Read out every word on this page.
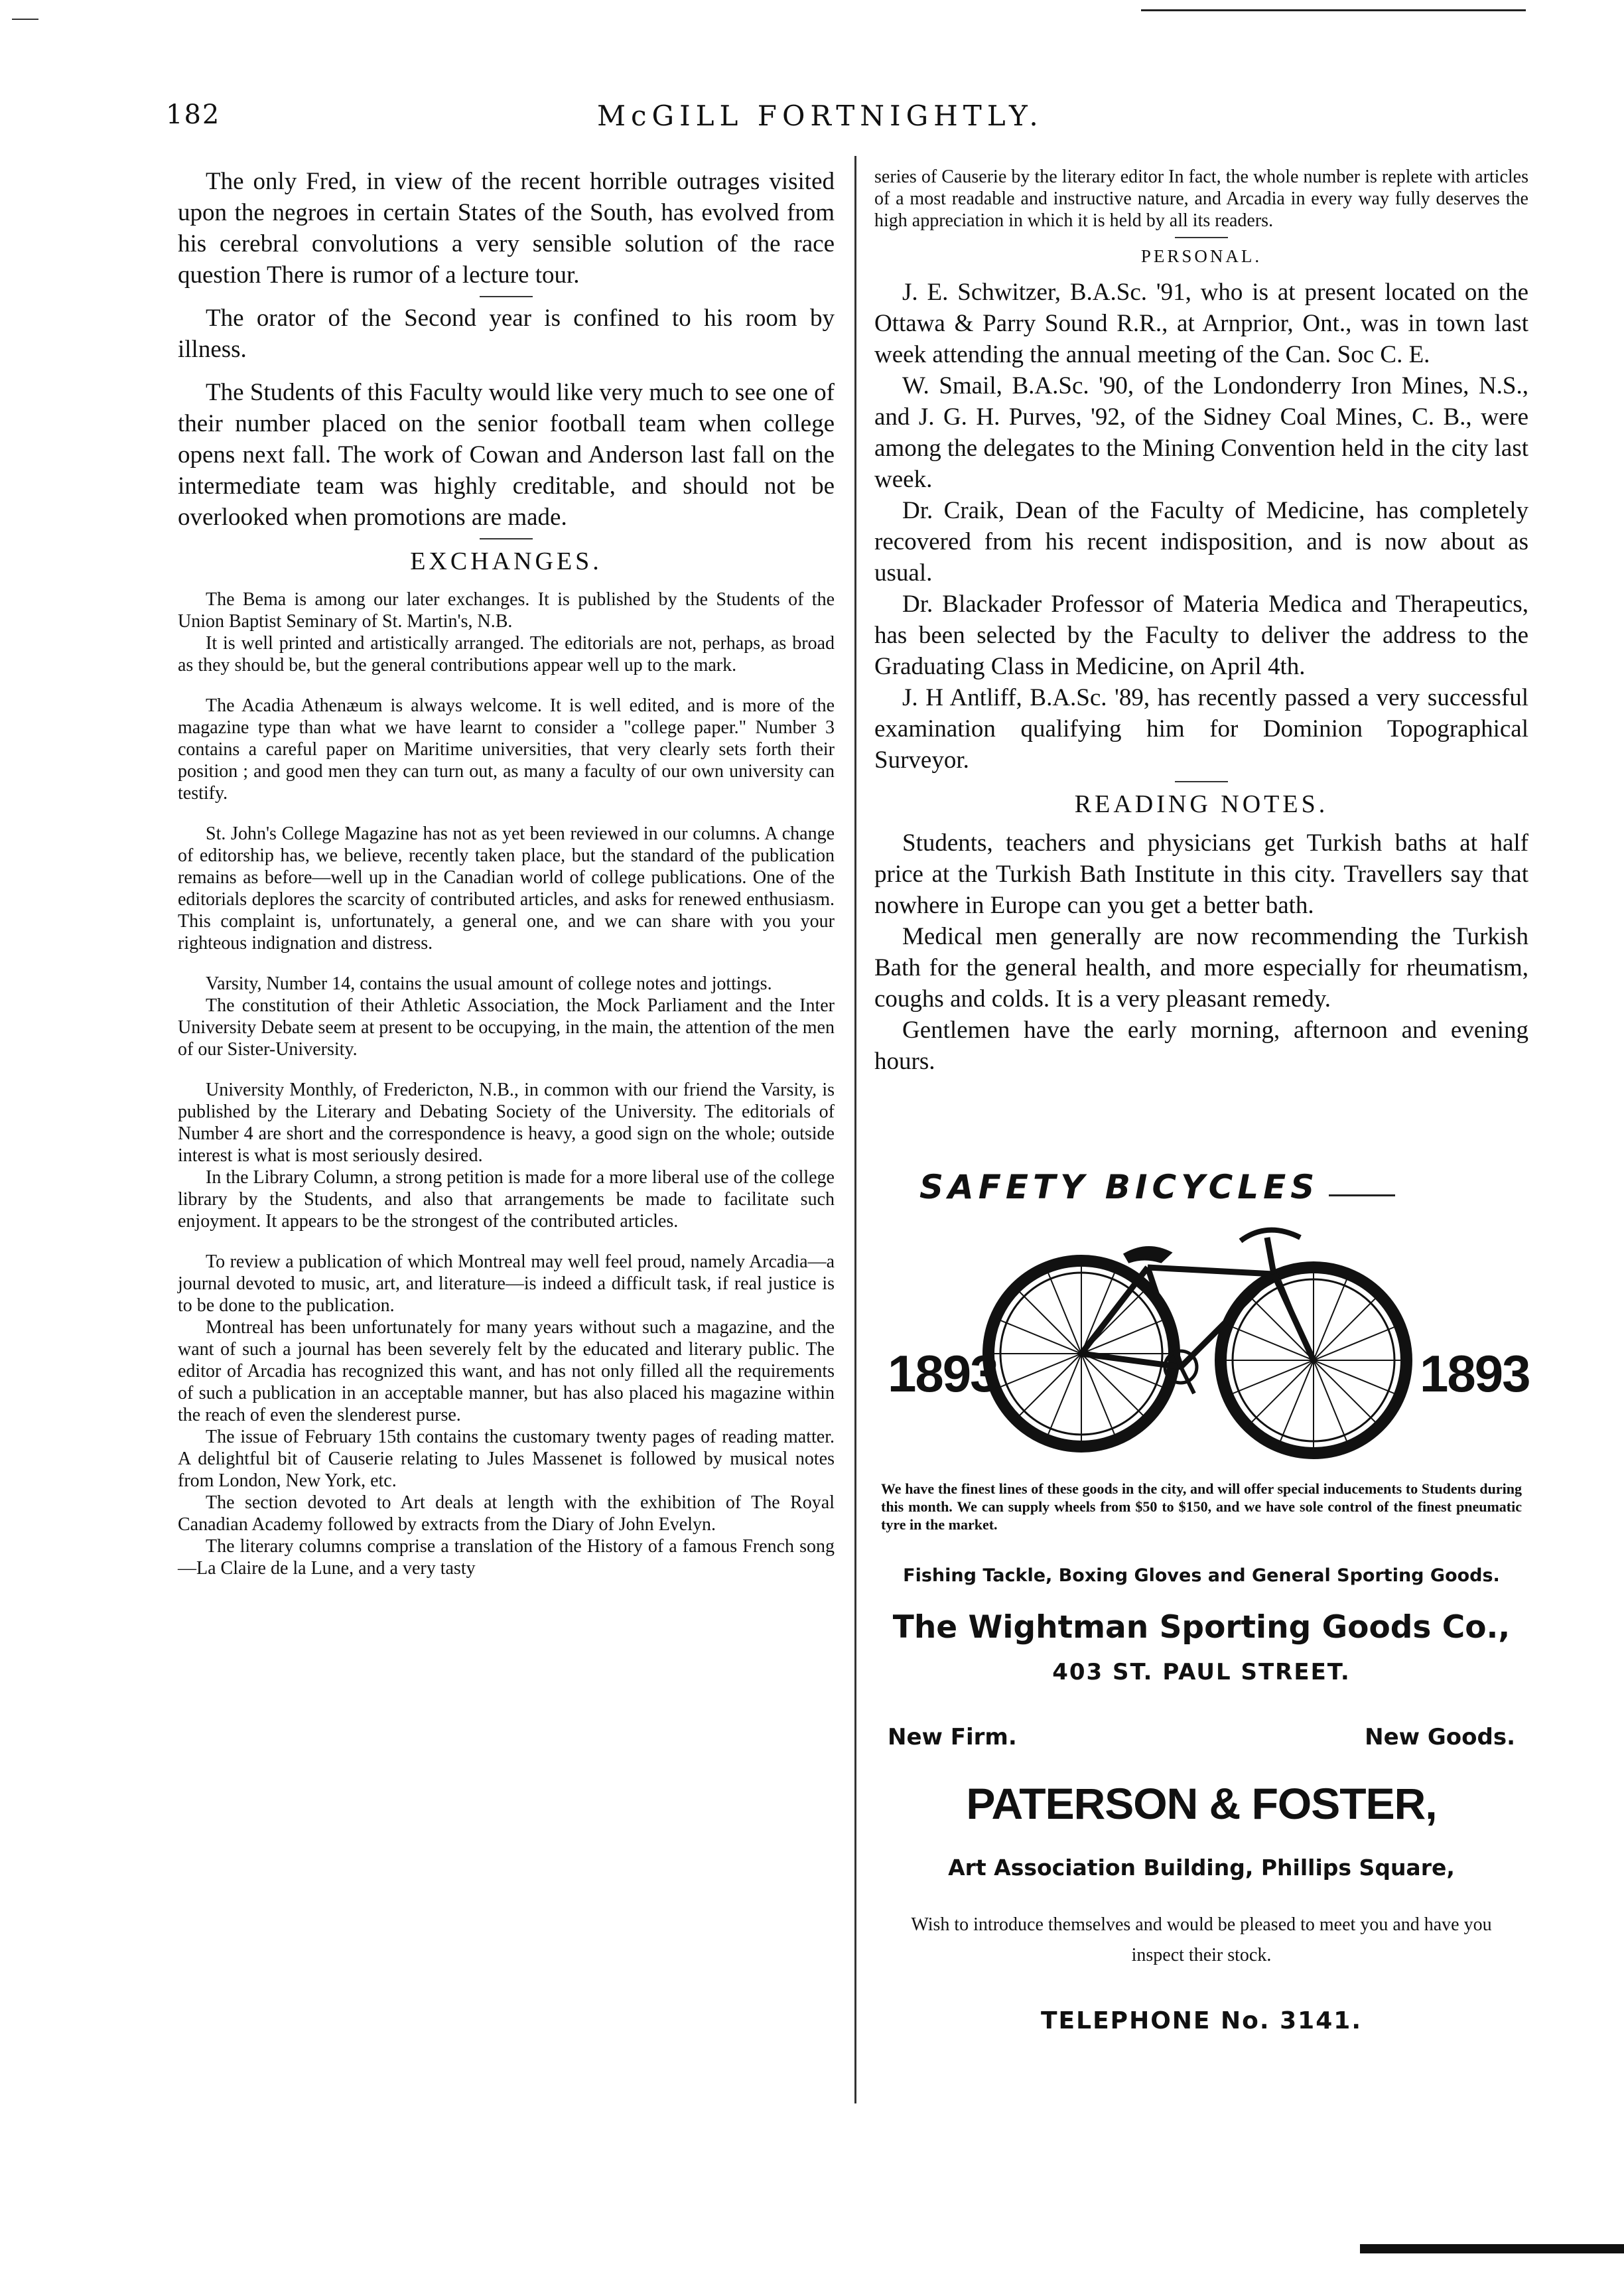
182	McGILL FORTNIGHTLY.

The only Fred, in view of the recent horrible outrages visited upon the negroes in certain States of the South, has evolved from his cerebral convolutions a very sensible solution of the race question There is rumor of a lecture tour.

The orator of the Second year is confined to his room by illness.

The Students of this Faculty would like very much to see one of their number placed on the senior football team when college opens next fall. The work of Cowan and Anderson last fall on the intermediate team was highly creditable, and should not be overlooked when promotions are made.

EXCHANGES.

The Bema is among our later exchanges. It is published by the Students of the Union Baptist Seminary of St. Martin's, N.B.

It is well printed and artistically arranged. The editorials are not, perhaps, as broad as they should be, but the general contributions appear well up to the mark.

The Acadia Athenæum is always welcome. It is well edited, and is more of the magazine type than what we have learnt to consider a "college paper." Number 3 contains a careful paper on Maritime universities, that very clearly sets forth their position ; and good men they can turn out, as many a faculty of our own university can testify.

St. John's College Magazine has not as yet been reviewed in our columns. A change of editorship has, we believe, recently taken place, but the standard of the publication remains as before—well up in the Canadian world of college publications. One of the editorials deplores the scarcity of contributed articles, and asks for renewed enthusiasm. This complaint is, unfortunately, a general one, and we can share with you your righteous indignation and distress.

Varsity, Number 14, contains the usual amount of college notes and jottings.

The constitution of their Athletic Association, the Mock Parliament and the Inter University Debate seem at present to be occupying, in the main, the attention of the men of our Sister-University.

University Monthly, of Fredericton, N.B., in common with our friend the Varsity, is published by the Literary and Debating Society of the University. The editorials of Number 4 are short and the correspondence is heavy, a good sign on the whole; outside interest is what is most seriously desired.

In the Library Column, a strong petition is made for a more liberal use of the college library by the Students, and also that arrangements be made to facilitate such enjoyment. It appears to be the strongest of the contributed articles.

To review a publication of which Montreal may well feel proud, namely Arcadia—a journal devoted to music, art, and literature—is indeed a difficult task, if real justice is to be done to the publication.

Montreal has been unfortunately for many years without such a magazine, and the want of such a journal has been severely felt by the educated and literary public. The editor of Arcadia has recognized this want, and has not only filled all the requirements of such a publication in an acceptable manner, but has also placed his magazine within the reach of even the slenderest purse.

The issue of February 15th contains the customary twenty pages of reading matter. A delightful bit of Causerie relating to Jules Massenet is followed by musical notes from London, New York, etc.

The section devoted to Art deals at length with the exhibition of The Royal Canadian Academy followed by extracts from the Diary of John Evelyn.

The literary columns comprise a translation of the History of a famous French song—La Claire de la Lune, and a very tasty

series of Causerie by the literary editor In fact, the whole number is replete with articles of a most readable and instructive nature, and Arcadia in every way fully deserves the high appreciation in which it is held by all its readers.

PERSONAL.

J. E. Schwitzer, B.A.Sc. '91, who is at present located on the Ottawa & Parry Sound R.R., at Arnprior, Ont., was in town last week attending the annual meeting of the Can. Soc C. E.

W. Smail, B.A.Sc. '90, of the Londonderry Iron Mines, N.S., and J. G. H. Purves, '92, of the Sidney Coal Mines, C. B., were among the delegates to the Mining Convention held in the city last week.

Dr. Craik, Dean of the Faculty of Medicine, has completely recovered from his recent indisposition, and is now about as usual.

Dr. Blackader Professor of Materia Medica and Therapeutics, has been selected by the Faculty to deliver the address to the Graduating Class in Medicine, on April 4th.

J. H Antliff, B.A.Sc. '89, has recently passed a very successful examination qualifying him for Dominion Topographical Surveyor.

READING NOTES.

Students, teachers and physicians get Turkish baths at half price at the Turkish Bath Institute in this city. Travellers say that nowhere in Europe can you get a better bath.

Medical men generally are now recommending the Turkish Bath for the general health, and more especially for rheumatism, coughs and colds. It is a very pleasant remedy.

Gentlemen have the early morning, afternoon and evening hours.

SAFETY BICYCLES
1893	1893
We have the finest lines of these goods in the city, and will offer special inducements to Students during this month. We can supply wheels from $50 to $150, and we have sole control of the finest pneumatic tyre in the market.
Fishing Tackle, Boxing Gloves and General Sporting Goods.
The Wightman Sporting Goods Co.,
403 ST. PAUL STREET.
New Firm.	New Goods.
PATERSON & FOSTER,
Art Association Building, Phillips Square,
Wish to introduce themselves and would be pleased to meet you and have you inspect their stock.
TELEPHONE No. 3141.
